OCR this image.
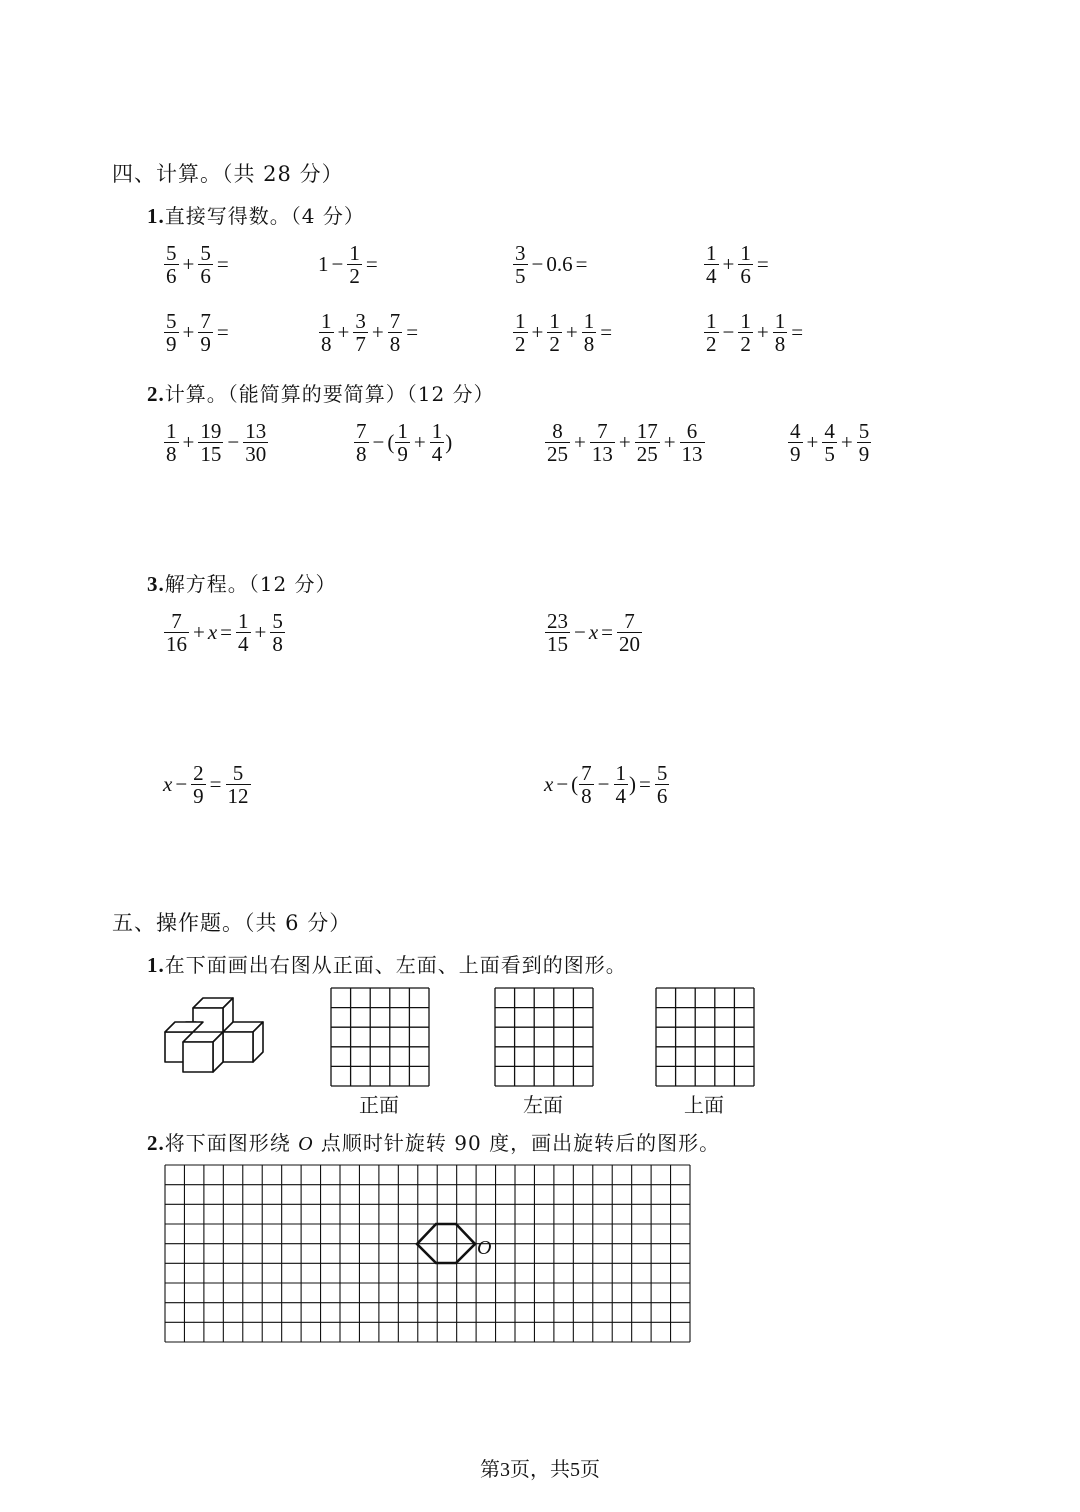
四、计算。（共 28 分）
1.直接写得数。（4 分）
$\frac{5}{6} + \frac{5}{6}$ =	$1 - \frac{1}{2}$ =	$\frac{3}{5} - 0.6$ =	$\frac{1}{4} + \frac{1}{6}$ =
$\frac{5}{9} + \frac{7}{9}$ =	$\frac{1}{8} + \frac{3}{7} + \frac{7}{8}$ =	$\frac{1}{2} + \frac{1}{2} + \frac{1}{8}$ =	$\frac{1}{2} - \frac{1}{2} + \frac{1}{8}$ =
2.计算。（能简算的要简算）（12 分）
$\frac{1}{8} + \frac{19}{15} - \frac{13}{30}$	$\frac{7}{8}$ − ( $\frac{1}{9} + \frac{1}{4}$ )	$\frac{8}{25} + \frac{7}{13} + \frac{17}{25} + \frac{6}{13}$	$\frac{4}{9} + \frac{4}{5} + \frac{5}{9}$
3.解方程。（12 分）
$\frac{7}{16} + x = \frac{1}{4} + \frac{5}{8}$	$\frac{23}{15} - x = \frac{7}{20}$
$x - \frac{2}{9} = \frac{5}{12}$	x − ( $\frac{7}{8} - \frac{1}{4}$ ) = $\frac{5}{6}$
五、操作题。（共 6 分）
1.在下面画出右图从正面、左面、上面看到的图形。
正面	左面	上面
2.将下面图形绕 O 点顺时针旋转 90 度，画出旋转后的图形。
O
第3页，共5页
